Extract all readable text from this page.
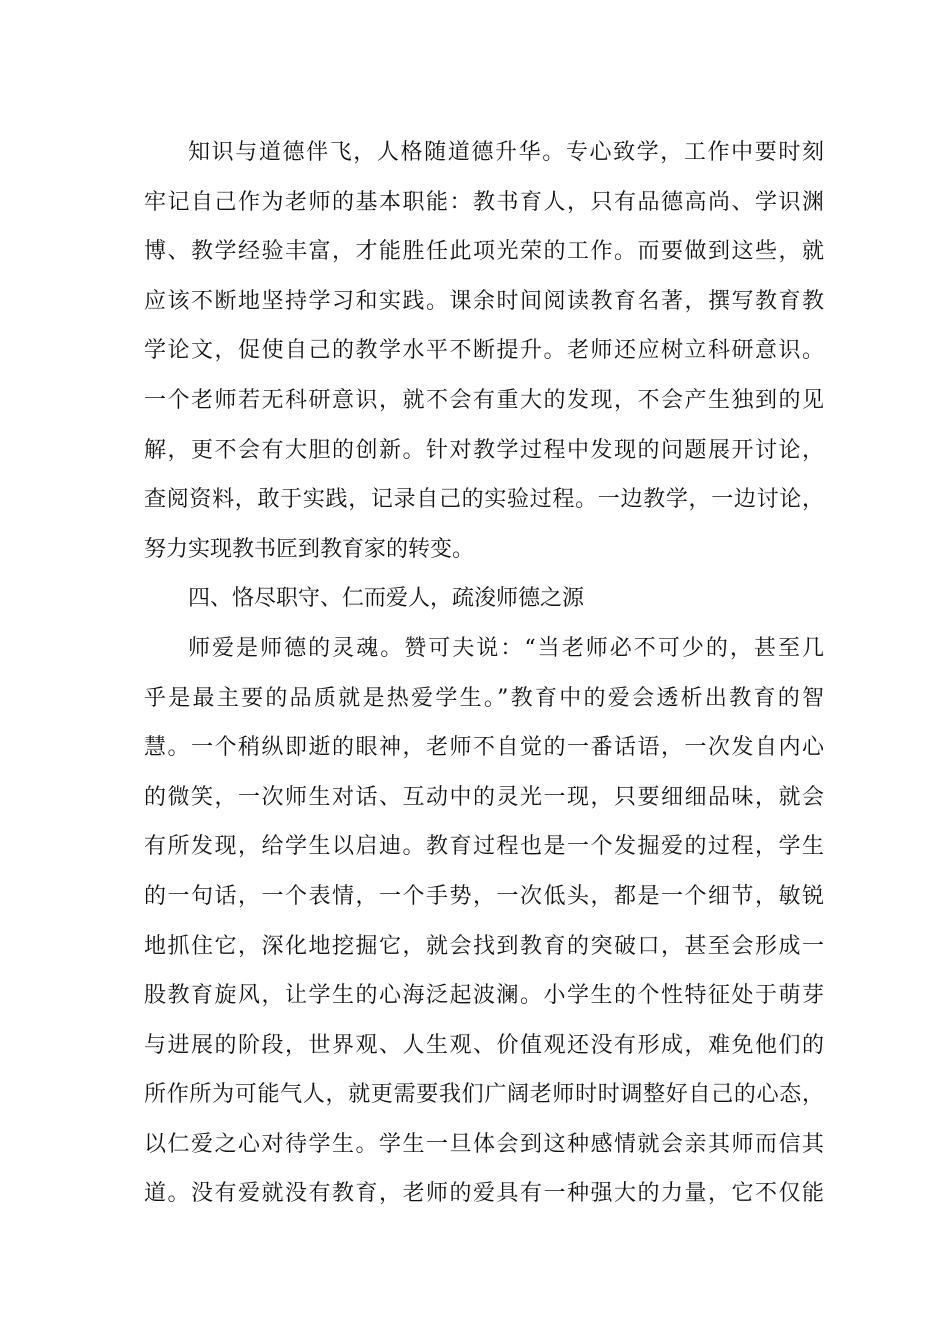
知识与道德伴飞，人格随道德升华。专心致学，工作中要时刻
牢记自己作为老师的基本职能：教书育人，只有品德高尚、学识渊
博、教学经验丰富，才能胜任此项光荣的工作。而要做到这些，就
应该不断地坚持学习和实践。课余时间阅读教育名著，撰写教育教
学论文，促使自己的教学水平不断提升。老师还应树立科研意识。
一个老师若无科研意识，就不会有重大的发现，不会产生独到的见
解，更不会有大胆的创新。针对教学过程中发现的问题展开讨论，
查阅资料，敢于实践，记录自己的实验过程。一边教学，一边讨论，
努力实现教书匠到教育家的转变。
四、恪尽职守、仁而爱人，疏浚师德之源
师爱是师德的灵魂。赞可夫说：“当老师必不可少的，甚至几
乎是最主要的品质就是热爱学生。”教育中的爱会透析出教育的智
慧。一个稍纵即逝的眼神，老师不自觉的一番话语，一次发自内心
的微笑，一次师生对话、互动中的灵光一现，只要细细品味，就会
有所发现，给学生以启迪。教育过程也是一个发掘爱的过程，学生
的一句话，一个表情，一个手势，一次低头，都是一个细节，敏锐
地抓住它，深化地挖掘它，就会找到教育的突破口，甚至会形成一
股教育旋风，让学生的心海泛起波澜。小学生的个性特征处于萌芽
与进展的阶段，世界观、人生观、价值观还没有形成，难免他们的
所作所为可能气人，就更需要我们广阔老师时时调整好自己的心态，
以仁爱之心对待学生。学生一旦体会到这种感情就会亲其师而信其
道。没有爱就没有教育，老师的爱具有一种强大的力量，它不仅能
